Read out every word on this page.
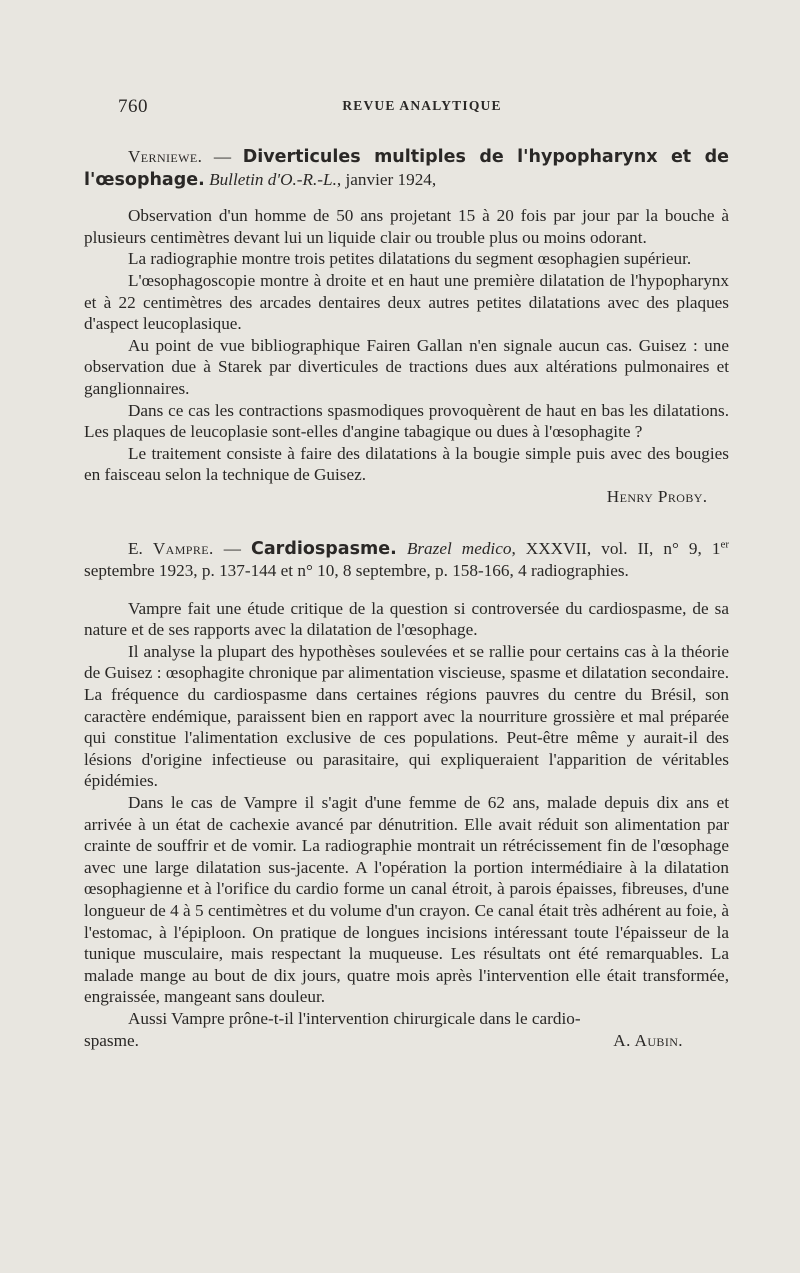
760	REVUE ANALYTIQUE

Verniewe. — Diverticules multiples de l'hypopharynx et de l'œsophage. Bulletin d'O.-R.-L., janvier 1924,

Observation d'un homme de 50 ans projetant 15 à 20 fois par jour par la bouche à plusieurs centimètres devant lui un liquide clair ou trouble plus ou moins odorant.

La radiographie montre trois petites dilatations du segment œsophagien supérieur.

L'œsophagoscopie montre à droite et en haut une première dilatation de l'hypopharynx et à 22 centimètres des arcades dentaires deux autres petites dilatations avec des plaques d'aspect leucoplasique.

Au point de vue bibliographique Fairen Gallan n'en signale aucun cas. Guisez : une observation due à Starek par diverticules de tractions dues aux altérations pulmonaires et ganglionnaires.

Dans ce cas les contractions spasmodiques provoquèrent de haut en bas les dilatations. Les plaques de leucoplasie sont-elles d'angine tabagique ou dues à l'œsophagite ?

Le traitement consiste à faire des dilatations à la bougie simple puis avec des bougies en faisceau selon la technique de Guisez.

Henry Proby.

E. Vampre. — Cardiospasme. Brazel medico, XXXVII, vol. II, n° 9, 1er septembre 1923, p. 137-144 et n° 10, 8 septembre, p. 158-166, 4 radiographies.

Vampre fait une étude critique de la question si controversée du cardiospasme, de sa nature et de ses rapports avec la dilatation de l'œsophage.

Il analyse la plupart des hypothèses soulevées et se rallie pour certains cas à la théorie de Guisez : œsophagite chronique par alimentation viscieuse, spasme et dilatation secondaire. La fréquence du cardiospasme dans certaines régions pauvres du centre du Brésil, son caractère endémique, paraissent bien en rapport avec la nourriture grossière et mal préparée qui constitue l'alimentation exclusive de ces populations. Peut-être même y aurait-il des lésions d'origine infectieuse ou parasitaire, qui expliqueraient l'apparition de véritables épidémies.

Dans le cas de Vampre il s'agit d'une femme de 62 ans, malade depuis dix ans et arrivée à un état de cachexie avancé par dénutrition. Elle avait réduit son alimentation par crainte de souffrir et de vomir. La radiographie montrait un rétrécissement fin de l'œsophage avec une large dilatation sus-jacente. A l'opération la portion intermédiaire à la dilatation œsophagienne et à l'orifice du cardio forme un canal étroit, à parois épaisses, fibreuses, d'une longueur de 4 à 5 centimètres et du volume d'un crayon. Ce canal était très adhérent au foie, à l'estomac, à l'épiploon. On pratique de longues incisions intéressant toute l'épaisseur de la tunique musculaire, mais respectant la muqueuse. Les résultats ont été remarquables. La malade mange au bout de dix jours, quatre mois après l'intervention elle était transformée, engraissée, mangeant sans douleur.

Aussi Vampre prône-t-il l'intervention chirurgicale dans le cardio-

spasme.	A. Aubin.
